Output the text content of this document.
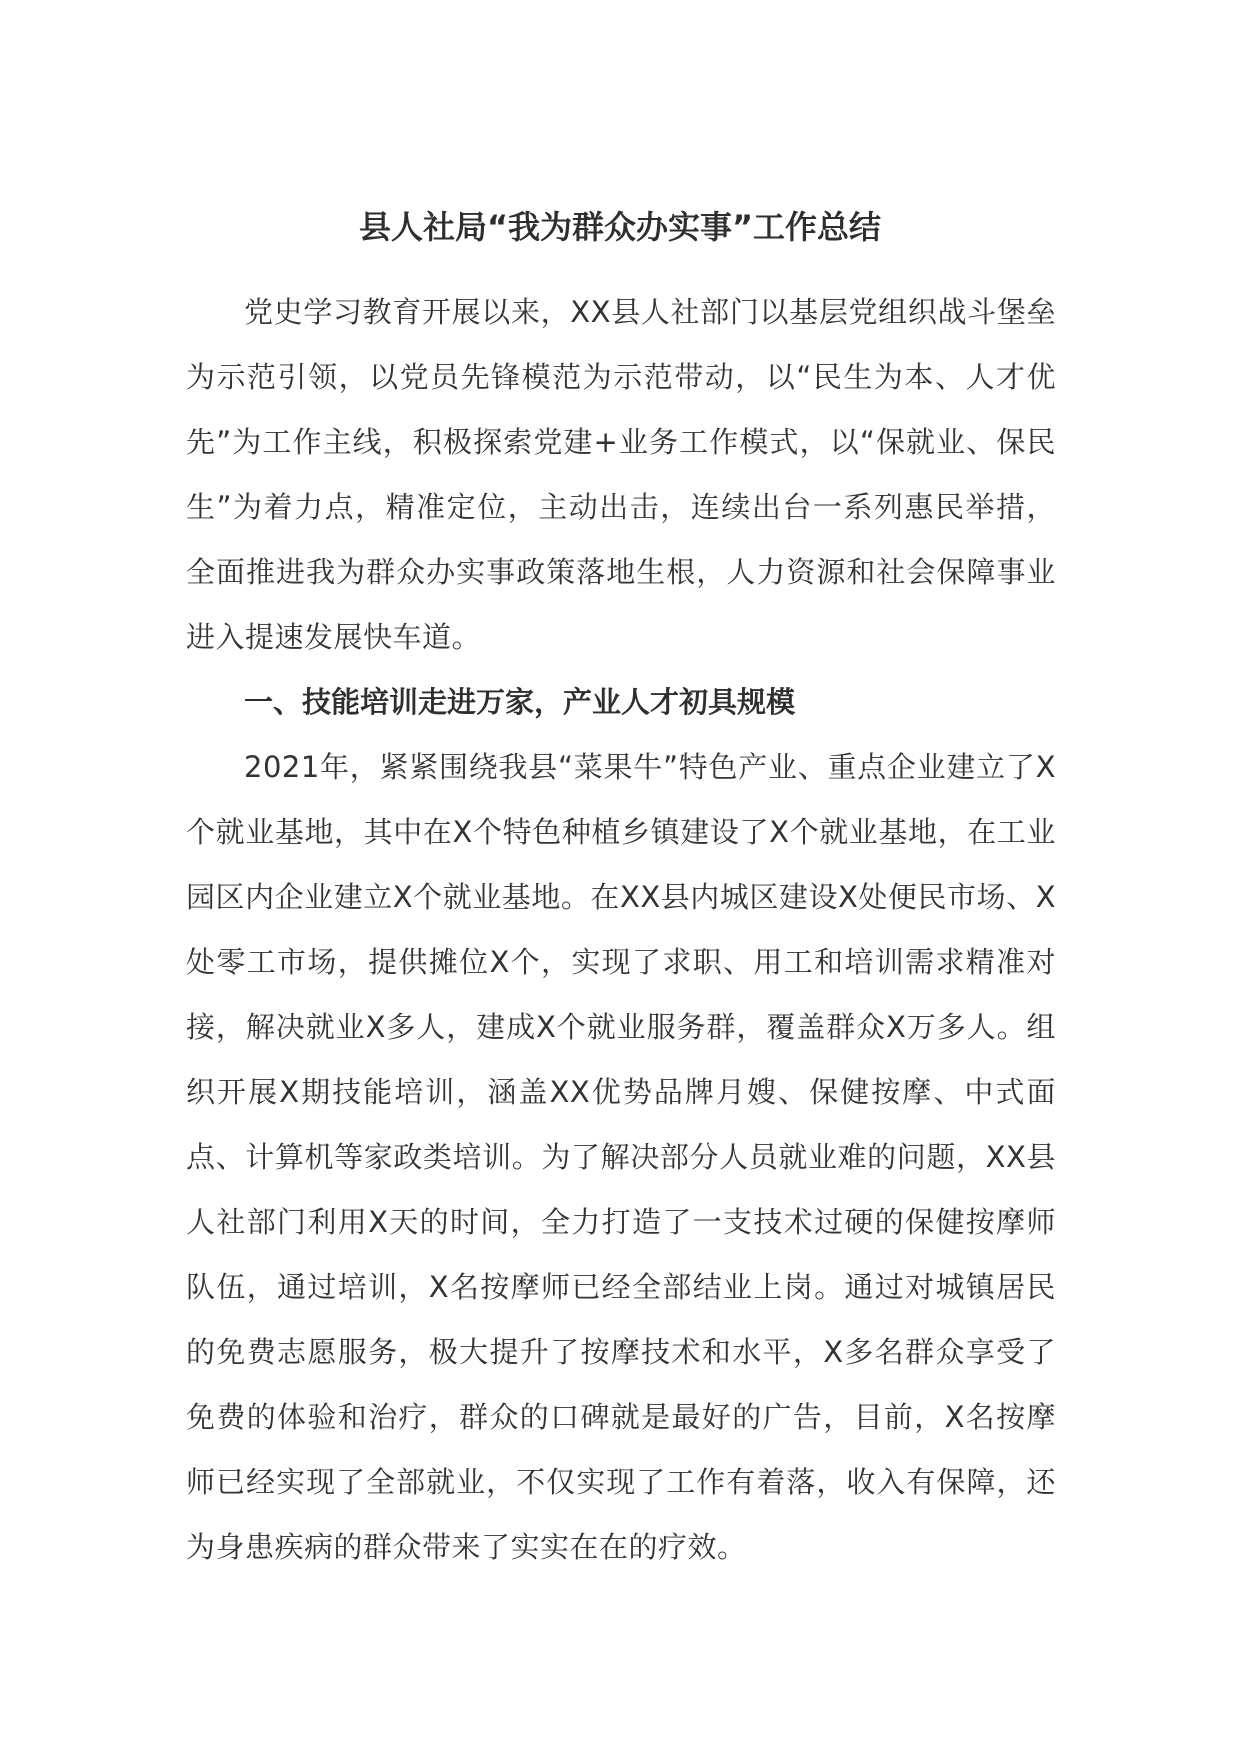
县人社局“我为群众办实事”工作总结

党史学习教育开展以来，XX县人社部门以基层党组织战斗堡垒为示范引领，以党员先锋模范为示范带动，以“民生为本、人才优先”为工作主线，积极探索党建+业务工作模式，以“保就业、保民生”为着力点，精准定位，主动出击，连续出台一系列惠民举措，全面推进我为群众办实事政策落地生根，人力资源和社会保障事业进入提速发展快车道。

一、技能培训走进万家，产业人才初具规模

2021年，紧紧围绕我县“菜果牛”特色产业、重点企业建立了X个就业基地，其中在X个特色种植乡镇建设了X个就业基地，在工业园区内企业建立X个就业基地。在XX县内城区建设X处便民市场、X处零工市场，提供摊位X个，实现了求职、用工和培训需求精准对接，解决就业X多人，建成X个就业服务群，覆盖群众X万多人。组织开展X期技能培训，涵盖XX优势品牌月嫂、保健按摩、中式面点、计算机等家政类培训。为了解决部分人员就业难的问题，XX县人社部门利用X天的时间，全力打造了一支技术过硬的保健按摩师队伍，通过培训，X名按摩师已经全部结业上岗。通过对城镇居民的免费志愿服务，极大提升了按摩技术和水平，X多名群众享受了免费的体验和治疗，群众的口碑就是最好的广告，目前，X名按摩师已经实现了全部就业，不仅实现了工作有着落，收入有保障，还为身患疾病的群众带来了实实在在的疗效。
